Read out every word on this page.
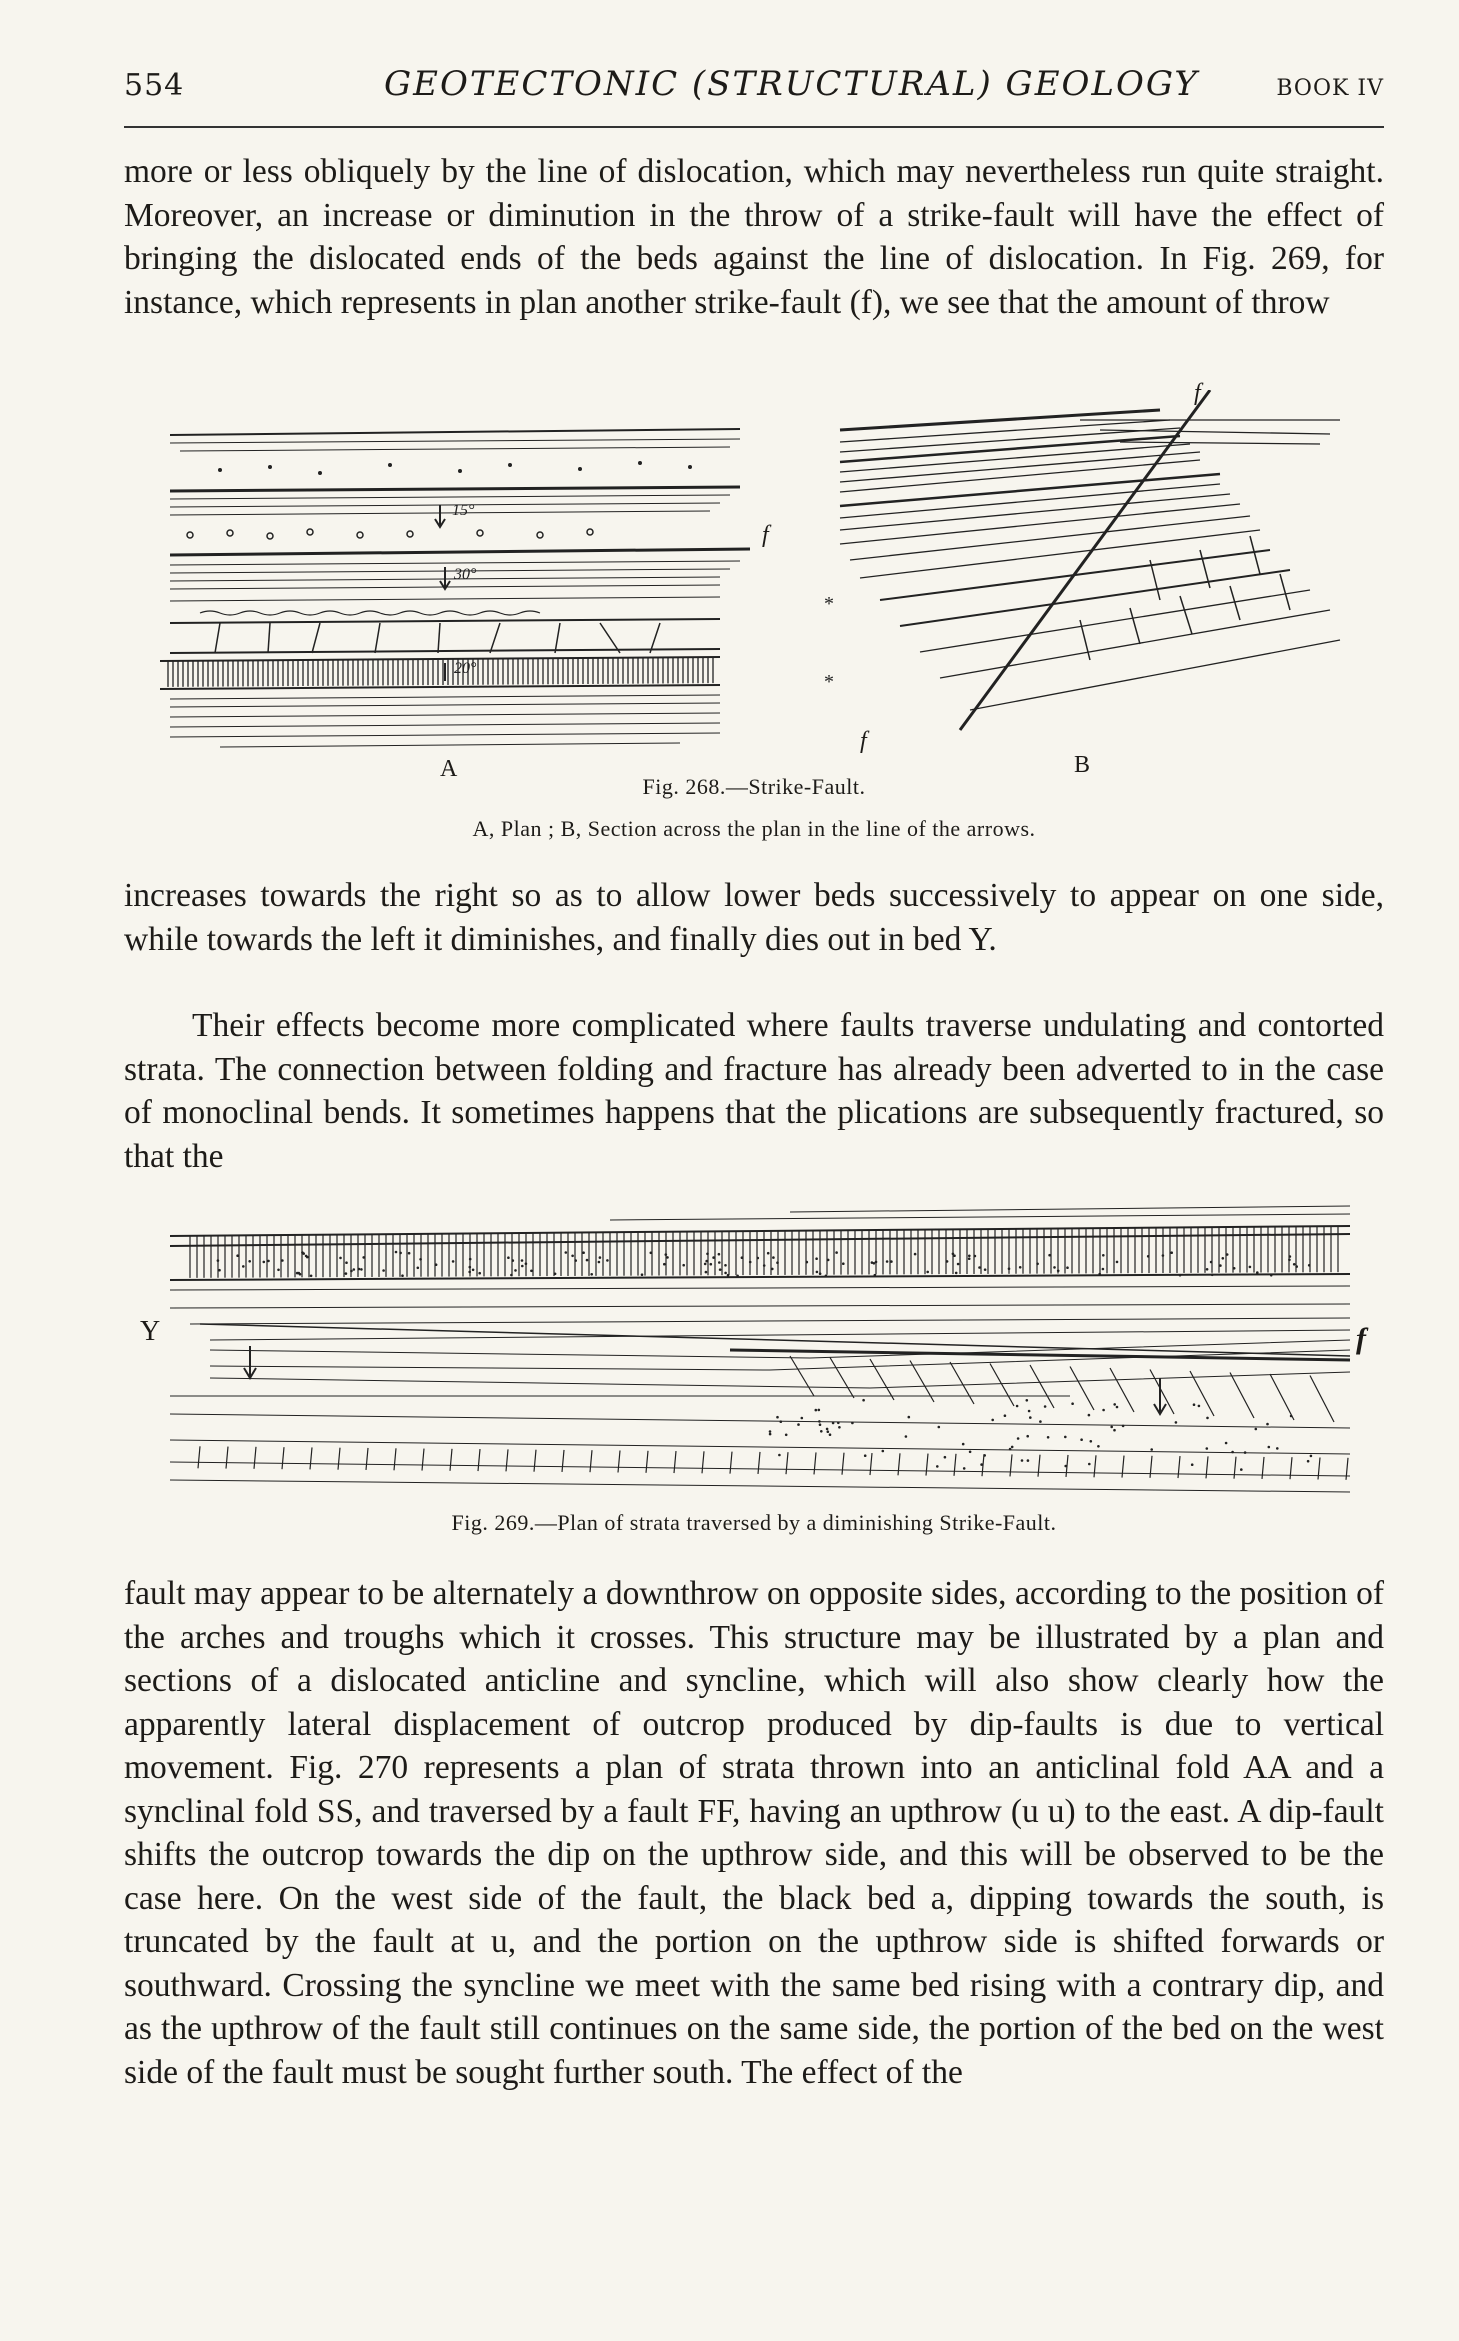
554	GEOTECTONIC (STRUCTURAL) GEOLOGY	BOOK IV
more or less obliquely by the line of dislocation, which may nevertheless run quite straight. Moreover, an increase or diminution in the throw of a strike-fault will have the effect of bringing the dislocated ends of the beds against the line of dislocation. In Fig. 269, for instance, which represents in plan another strike-fault (f), we see that the amount of throw
15°
30°
20°
A
f
*
*
f
f
B
Fig. 268.—Strike-Fault.
A, Plan ; B, Section across the plan in the line of the arrows.
increases towards the right so as to allow lower beds successively to appear on one side, while towards the left it diminishes, and finally dies out in bed Y.
Their effects become more complicated where faults traverse undulating and contorted strata. The connection between folding and fracture has already been adverted to in the case of monoclinal bends. It sometimes happens that the plications are subsequently fractured, so that the
Y	f
Fig. 269.—Plan of strata traversed by a diminishing Strike-Fault.
fault may appear to be alternately a downthrow on opposite sides, according to the position of the arches and troughs which it crosses. This structure may be illustrated by a plan and sections of a dislocated anticline and syncline, which will also show clearly how the apparently lateral displacement of outcrop produced by dip-faults is due to vertical movement. Fig. 270 represents a plan of strata thrown into an anticlinal fold AA and a synclinal fold SS, and traversed by a fault FF, having an upthrow (u u) to the east. A dip-fault shifts the outcrop towards the dip on the upthrow side, and this will be observed to be the case here. On the west side of the fault, the black bed a, dipping towards the south, is truncated by the fault at u, and the portion on the upthrow side is shifted forwards or southward. Crossing the syncline we meet with the same bed rising with a contrary dip, and as the upthrow of the fault still continues on the same side, the portion of the bed on the west side of the fault must be sought further south. The effect of the
